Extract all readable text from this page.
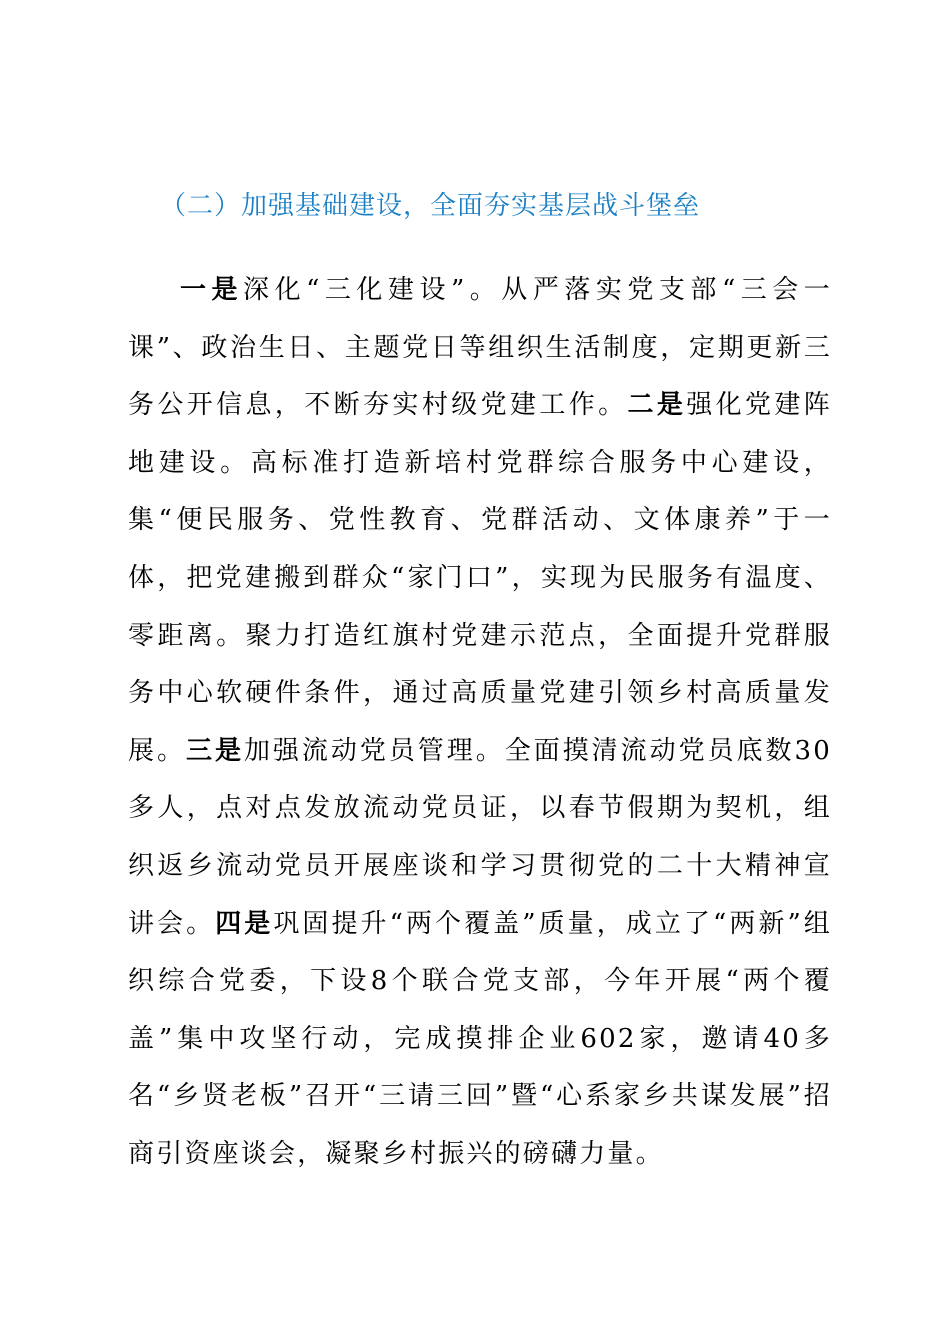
（二）加强基础建设，全面夯实基层战斗堡垒

一是深化“三化建设”。从严落实党支部“三会一课”、政治生日、主题党日等组织生活制度，定期更新三务公开信息，不断夯实村级党建工作。二是强化党建阵地建设。高标准打造新培村党群综合服务中心建设，集“便民服务、党性教育、党群活动、文体康养”于一体，把党建搬到群众“家门口”，实现为民服务有温度、零距离。聚力打造红旗村党建示范点，全面提升党群服务中心软硬件条件，通过高质量党建引领乡村高质量发展。三是加强流动党员管理。全面摸清流动党员底数30多人，点对点发放流动党员证，以春节假期为契机，组织返乡流动党员开展座谈和学习贯彻党的二十大精神宣讲会。四是巩固提升“两个覆盖”质量，成立了“两新”组织综合党委，下设8个联合党支部，今年开展“两个覆盖”集中攻坚行动，完成摸排企业602家，邀请40多名“乡贤老板”召开“三请三回”暨“心系家乡共谋发展”招商引资座谈会，凝聚乡村振兴的磅礴力量。
